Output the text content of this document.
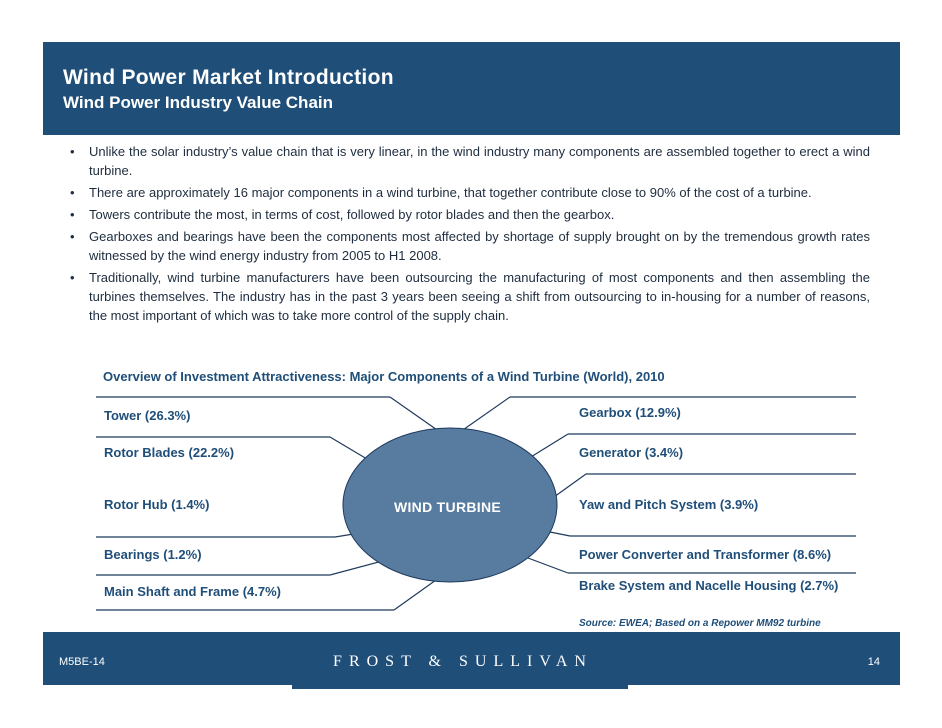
Wind Power Market Introduction
Wind Power Industry Value Chain
• Unlike the solar industry’s value chain that is very linear, in the wind industry many components are assembled together to erect a wind turbine.
• There are approximately 16 major components in a wind turbine, that together contribute close to 90% of the cost of a turbine.
• Towers contribute the most, in terms of cost, followed by rotor blades and then the gearbox.
• Gearboxes and bearings have been the components most affected by shortage of supply brought on by the tremendous growth rates witnessed by the wind energy industry from 2005 to H1 2008.
• Traditionally, wind turbine manufacturers have been outsourcing the manufacturing of most components and then assembling the turbines themselves. The industry has in the past 3 years been seeing a shift from outsourcing to in-housing for a number of reasons, the most important of which was to take more control of the supply chain.
Overview of Investment Attractiveness: Major Components of a Wind Turbine (World), 2010
WIND TURBINE
Tower (26.3%)
Rotor Blades (22.2%)
Rotor Hub (1.4%)
Bearings (1.2%)
Main Shaft and Frame (4.7%)
Gearbox (12.9%)
Generator (3.4%)
Yaw and Pitch System (3.9%)
Power Converter and Transformer (8.6%)
Brake System and Nacelle Housing (2.7%)
Source: EWEA; Based on a Repower MM92 turbine
M5BE-14	FROST & SULLIVAN	14
